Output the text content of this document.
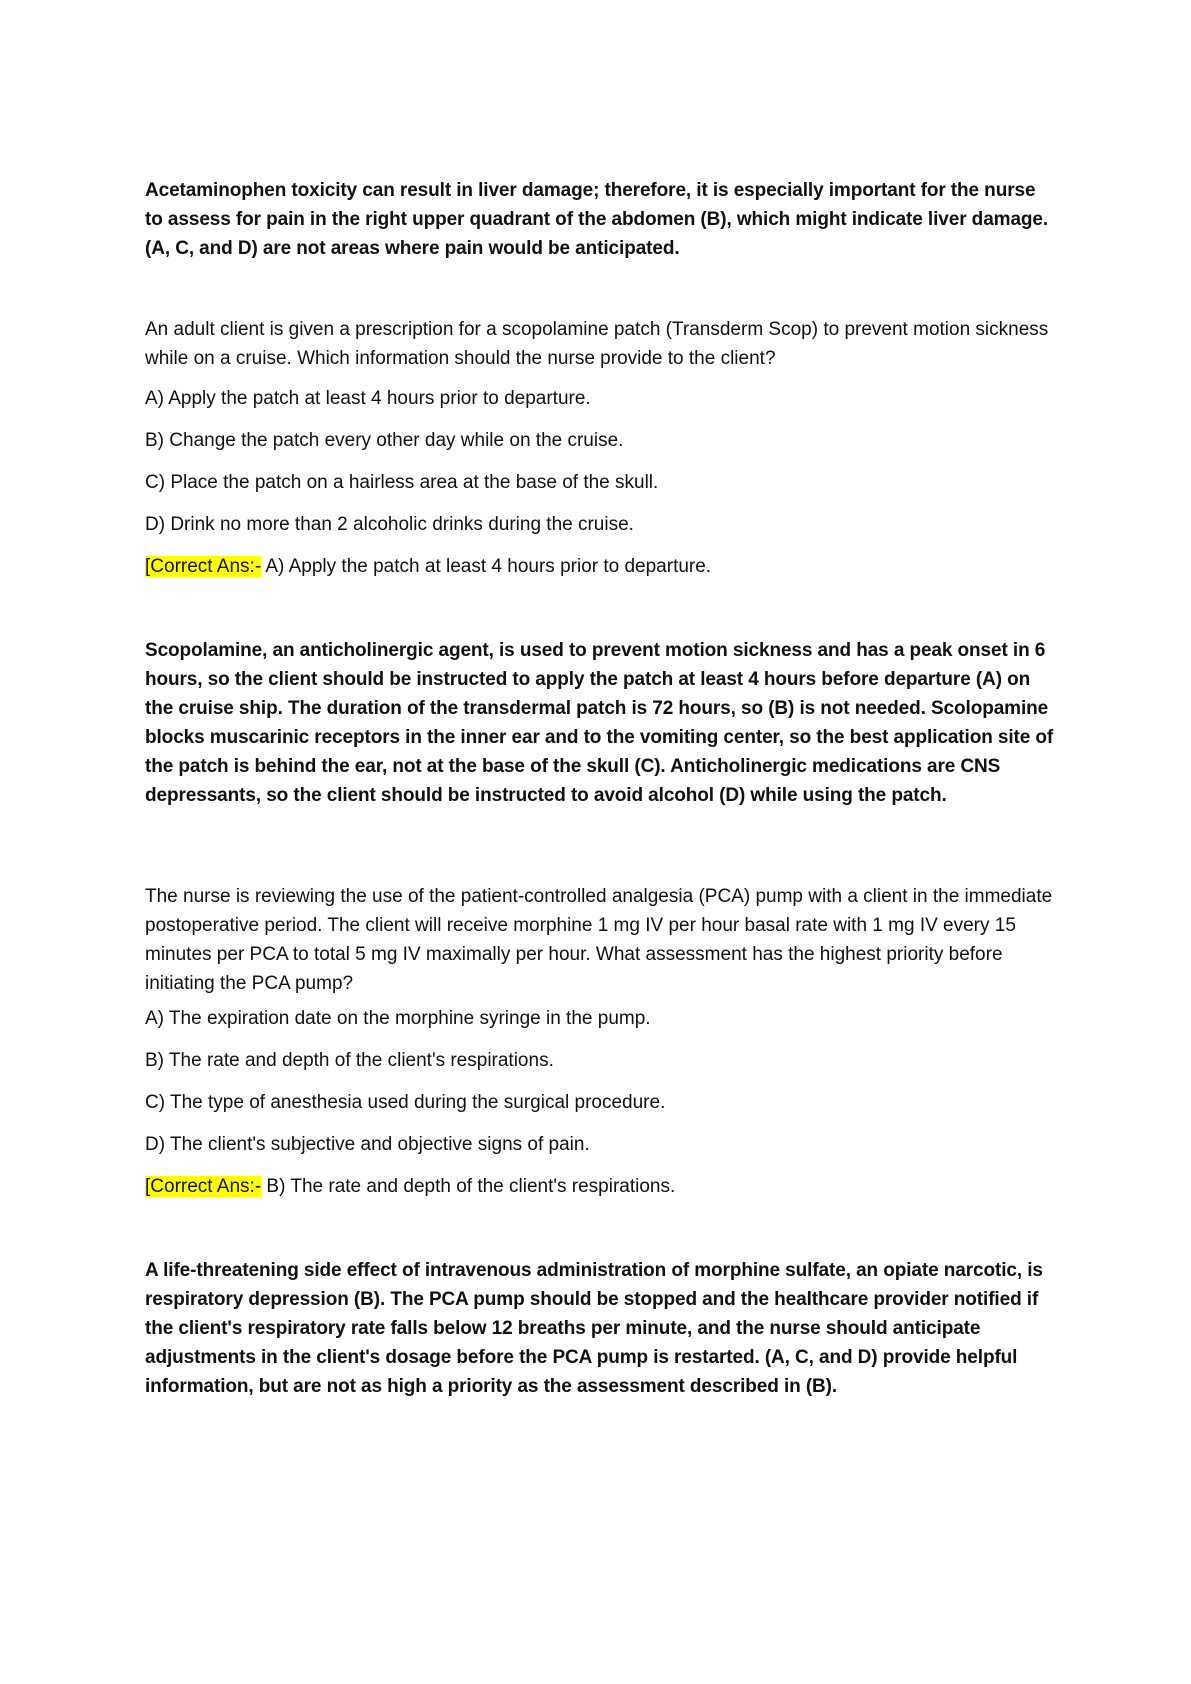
Acetaminophen toxicity can result in liver damage; therefore, it is especially important for the nurse to assess for pain in the right upper quadrant of the abdomen (B), which might indicate liver damage. (A, C, and D) are not areas where pain would be anticipated.

An adult client is given a prescription for a scopolamine patch (Transderm Scop) to prevent motion sickness while on a cruise. Which information should the nurse provide to the client?

A) Apply the patch at least 4 hours prior to departure.

B) Change the patch every other day while on the cruise.

C) Place the patch on a hairless area at the base of the skull.

D) Drink no more than 2 alcoholic drinks during the cruise.

[Correct Ans:- A) Apply the patch at least 4 hours prior to departure.

Scopolamine, an anticholinergic agent, is used to prevent motion sickness and has a peak onset in 6 hours, so the client should be instructed to apply the patch at least 4 hours before departure (A) on the cruise ship. The duration of the transdermal patch is 72 hours, so (B) is not needed. Scolopamine blocks muscarinic receptors in the inner ear and to the vomiting center, so the best application site of the patch is behind the ear, not at the base of the skull (C). Anticholinergic medications are CNS depressants, so the client should be instructed to avoid alcohol (D) while using the patch.

The nurse is reviewing the use of the patient-controlled analgesia (PCA) pump with a client in the immediate postoperative period. The client will receive morphine 1 mg IV per hour basal rate with 1 mg IV every 15 minutes per PCA to total 5 mg IV maximally per hour. What assessment has the highest priority before initiating the PCA pump?

A) The expiration date on the morphine syringe in the pump.

B) The rate and depth of the client's respirations.

C) The type of anesthesia used during the surgical procedure.

D) The client's subjective and objective signs of pain.

[Correct Ans:- B) The rate and depth of the client's respirations.

A life-threatening side effect of intravenous administration of morphine sulfate, an opiate narcotic, is respiratory depression (B). The PCA pump should be stopped and the healthcare provider notified if the client's respiratory rate falls below 12 breaths per minute, and the nurse should anticipate adjustments in the client's dosage before the PCA pump is restarted. (A, C, and D) provide helpful information, but are not as high a priority as the assessment described in (B).
